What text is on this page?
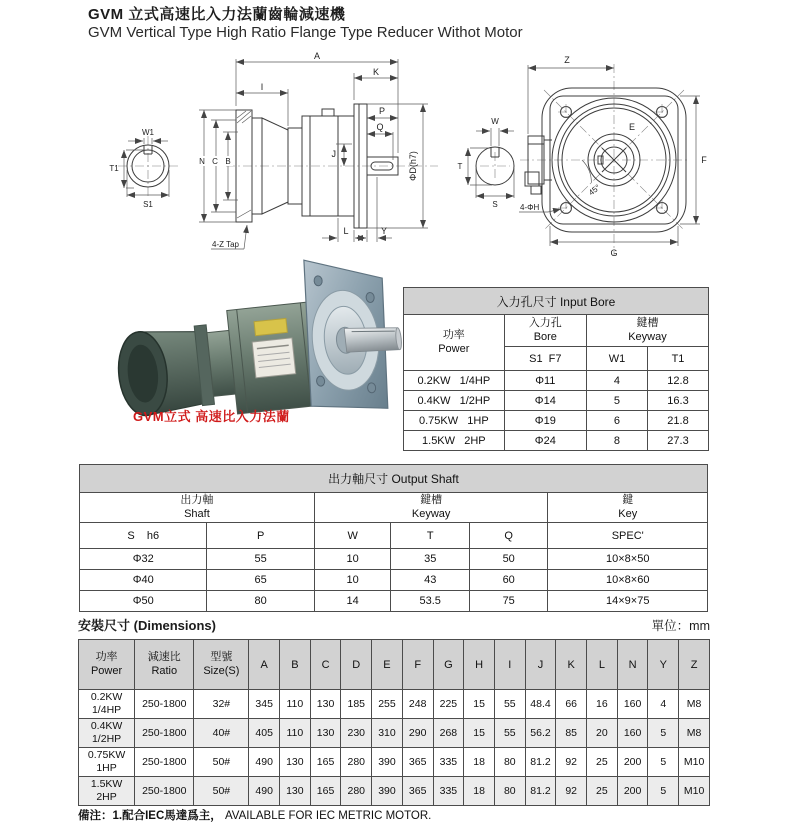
GVM 立式高速比入力法蘭齒輪減速機
GVM Vertical Type High Ratio Flange Type Reducer Withot Motor
W1
T1
S1
N C B
A
K
I
P
Q
J	ΦD(h7)
L	Y
4-Z Tap
W
T
S
Z
F
G
E
45°
4-ΦH
GVM立式 高速比入力法蘭
入力孔尺寸 Input Bore			

功率
Power

入力孔
Bore

鍵槽
Keyway

	S1  F7	W1	T1
0.2KW 1/4HP	Φ11	4	12.8
0.4KW 1/2HP	Φ14	5	16.3
0.75KW 1HP	Φ19	6	21.8
1.5KW 2HP	Φ24	8	27.3
出力軸尺寸 Output Shaft					

出力軸
Shaft

鍵槽
Keyway

鍵
Key

S    h6	P	W	T	Q	SPEC'
Φ32	55	10	35	50	10×8×50
Φ40	65	10	43	60	10×8×60
Φ50	80	14	53.5	75	14×9×75
安裝尺寸 (Dimensions)	單位：mm
功率
Power

減速比
Ratio

型號
Size(S)	A	B	C	D	E	F	G	H	I	J	K	L	N	Y	Z

0.2KW
1/4HP	250-1800	32#	345	110	130	185	255	248	225	15	55	48.4	66	16	160	4	M8

0.4KW
1/2HP	250-1800	40#	405	110	130	230	310	290	268	15	55	56.2	85	20	160	5	M8

0.75KW
1HP	250-1800	50#	490	130	165	280	390	365	335	18	80	81.2	92	25	200	5	M10

1.5KW
2HP	250-1800	50#	490	130	165	280	390	365	335	18	80	81.2	92	25	200	5	M10
備注：1.配合IEC馬達爲主， AVAILABLE FOR IEC METRIC MOTOR.
